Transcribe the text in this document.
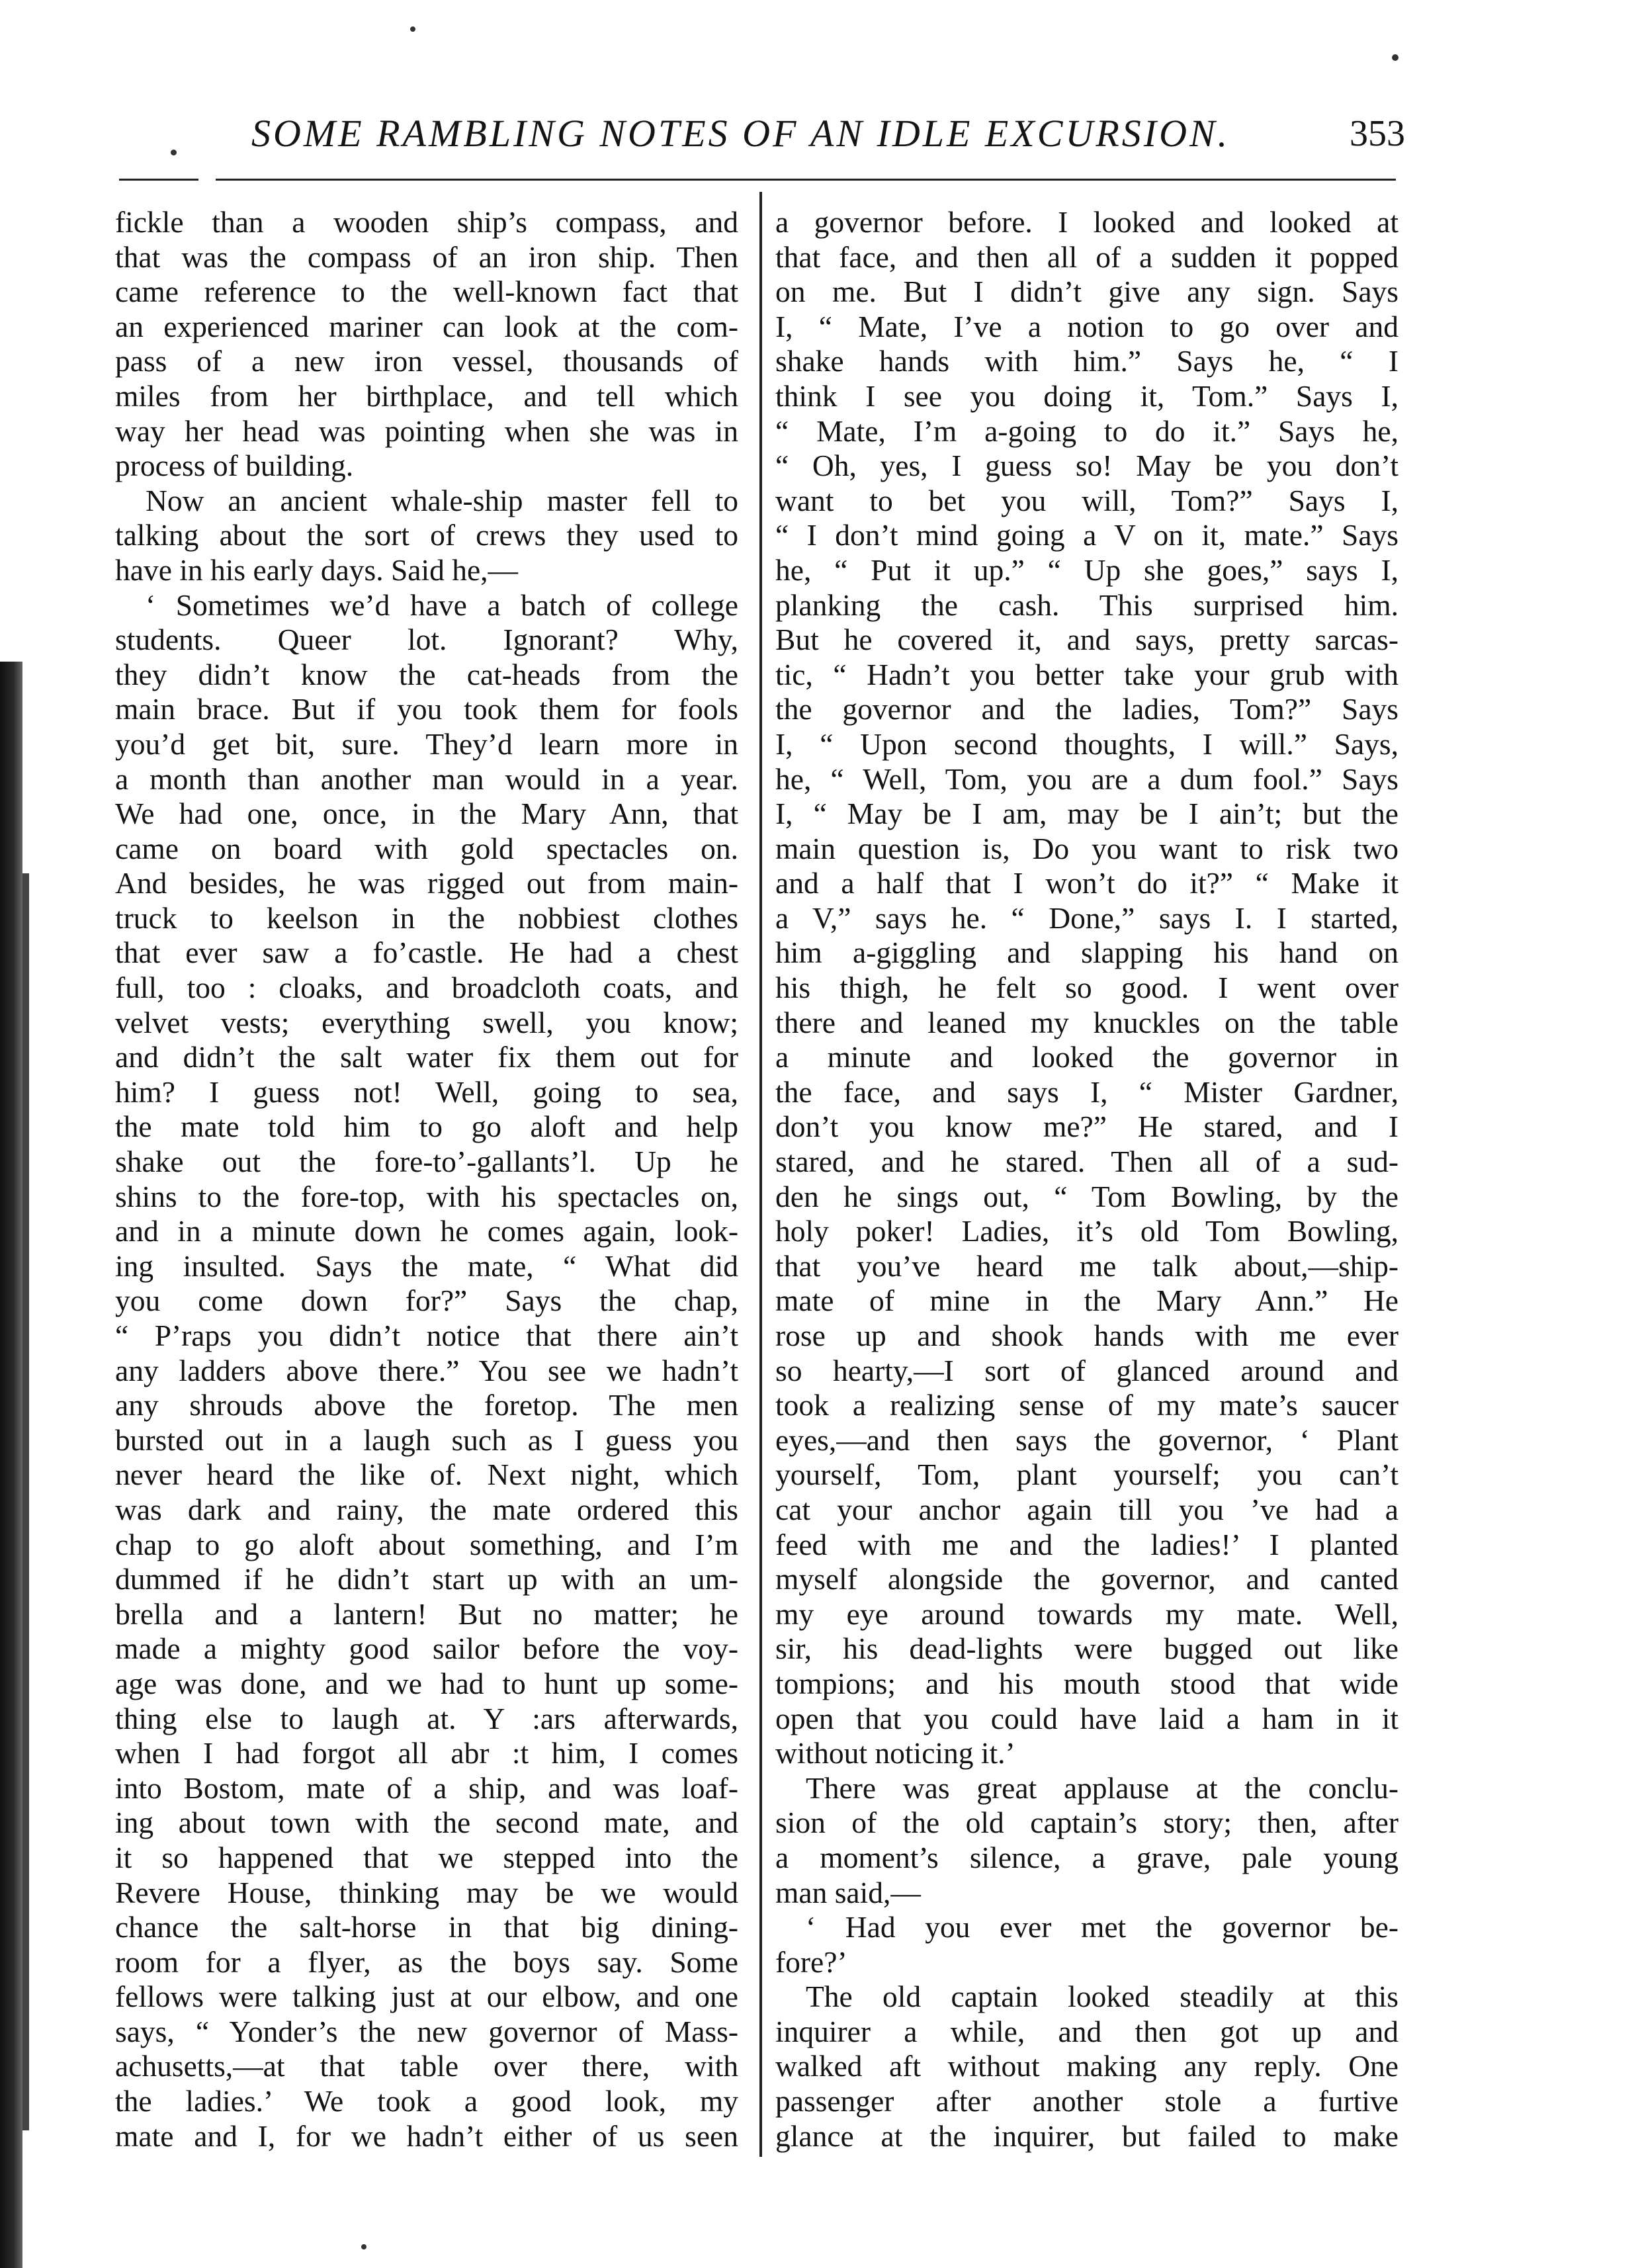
SOME RAMBLING NOTES OF AN IDLE EXCURSION.	353

fickle than a wooden ship’s compass, and

that was the compass of an iron ship. Then

came reference to the well-known fact that

an experienced mariner can look at the com-

pass of a new iron vessel, thousands of

miles from her birthplace, and tell which

way her head was pointing when she was in

process of building.

Now an ancient whale-ship master fell to

talking about the sort of crews they used to

have in his early days. Said he,—

‘ Sometimes we’d have a batch of college

students. Queer lot. Ignorant? Why,

they didn’t know the cat-heads from the

main brace. But if you took them for fools

you’d get bit, sure. They’d learn more in

a month than another man would in a year.

We had one, once, in the Mary Ann, that

came on board with gold spectacles on.

And besides, he was rigged out from main-

truck to keelson in the nobbiest clothes

that ever saw a fo’castle. He had a chest

full, too : cloaks, and broadcloth coats, and

velvet vests; everything swell, you know;

and didn’t the salt water fix them out for

him? I guess not! Well, going to sea,

the mate told him to go aloft and help

shake out the fore-to’-gallants’l. Up he

shins to the fore-top, with his spectacles on,

and in a minute down he comes again, look-

ing insulted. Says the mate, “ What did

you come down for?” Says the chap,

“ P’raps you didn’t notice that there ain’t

any ladders above there.” You see we hadn’t

any shrouds above the foretop. The men

bursted out in a laugh such as I guess you

never heard the like of. Next night, which

was dark and rainy, the mate ordered this

chap to go aloft about something, and I’m

dummed if he didn’t start up with an um-

brella and a lantern! But no matter; he

made a mighty good sailor before the voy-

age was done, and we had to hunt up some-

thing else to laugh at. Y :ars afterwards,

when I had forgot all abr :t him, I comes

into Bostom, mate of a ship, and was loaf-

ing about town with the second mate, and

it so happened that we stepped into the

Revere House, thinking may be we would

chance the salt-horse in that big dining-

room for a flyer, as the boys say. Some

fellows were talking just at our elbow, and one

says, “ Yonder’s the new governor of Mass-

achusetts,—at that table over there, with

the ladies.’ We took a good look, my

mate and I, for we hadn’t either of us seen

a governor before. I looked and looked at

that face, and then all of a sudden it popped

on me. But I didn’t give any sign. Says

I, “ Mate, I’ve a notion to go over and

shake hands with him.” Says he, “ I

think I see you doing it, Tom.” Says I,

“ Mate, I’m a-going to do it.” Says he,

“ Oh, yes, I guess so! May be you don’t

want to bet you will, Tom?” Says I,

“ I don’t mind going a V on it, mate.” Says

he, “ Put it up.” “ Up she goes,” says I,

planking the cash. This surprised him.

But he covered it, and says, pretty sarcas-

tic, “ Hadn’t you better take your grub with

the governor and the ladies, Tom?” Says

I, “ Upon second thoughts, I will.” Says,

he, “ Well, Tom, you are a dum fool.” Says

I, “ May be I am, may be I ain’t; but the

main question is, Do you want to risk two

and a half that I won’t do it?” “ Make it

a V,” says he. “ Done,” says I. I started,

him a-giggling and slapping his hand on

his thigh, he felt so good. I went over

there and leaned my knuckles on the table

a minute and looked the governor in

the face, and says I, “ Mister Gardner,

don’t you know me?” He stared, and I

stared, and he stared. Then all of a sud-

den he sings out, “ Tom Bowling, by the

holy poker! Ladies, it’s old Tom Bowling,

that you’ve heard me talk about,—ship-

mate of mine in the Mary Ann.” He

rose up and shook hands with me ever

so hearty,—I sort of glanced around and

took a realizing sense of my mate’s saucer

eyes,—and then says the governor, ‘ Plant

yourself, Tom, plant yourself; you can’t

cat your anchor again till you ’ve had a

feed with me and the ladies!’ I planted

myself alongside the governor, and canted

my eye around towards my mate. Well,

sir, his dead-lights were bugged out like

tompions; and his mouth stood that wide

open that you could have laid a ham in it

without noticing it.’

There was great applause at the conclu-

sion of the old captain’s story; then, after

a moment’s silence, a grave, pale young

man said,—

‘ Had you ever met the governor be-

fore?’

The old captain looked steadily at this

inquirer a while, and then got up and

walked aft without making any reply. One

passenger after another stole a furtive

glance at the inquirer, but failed to make
